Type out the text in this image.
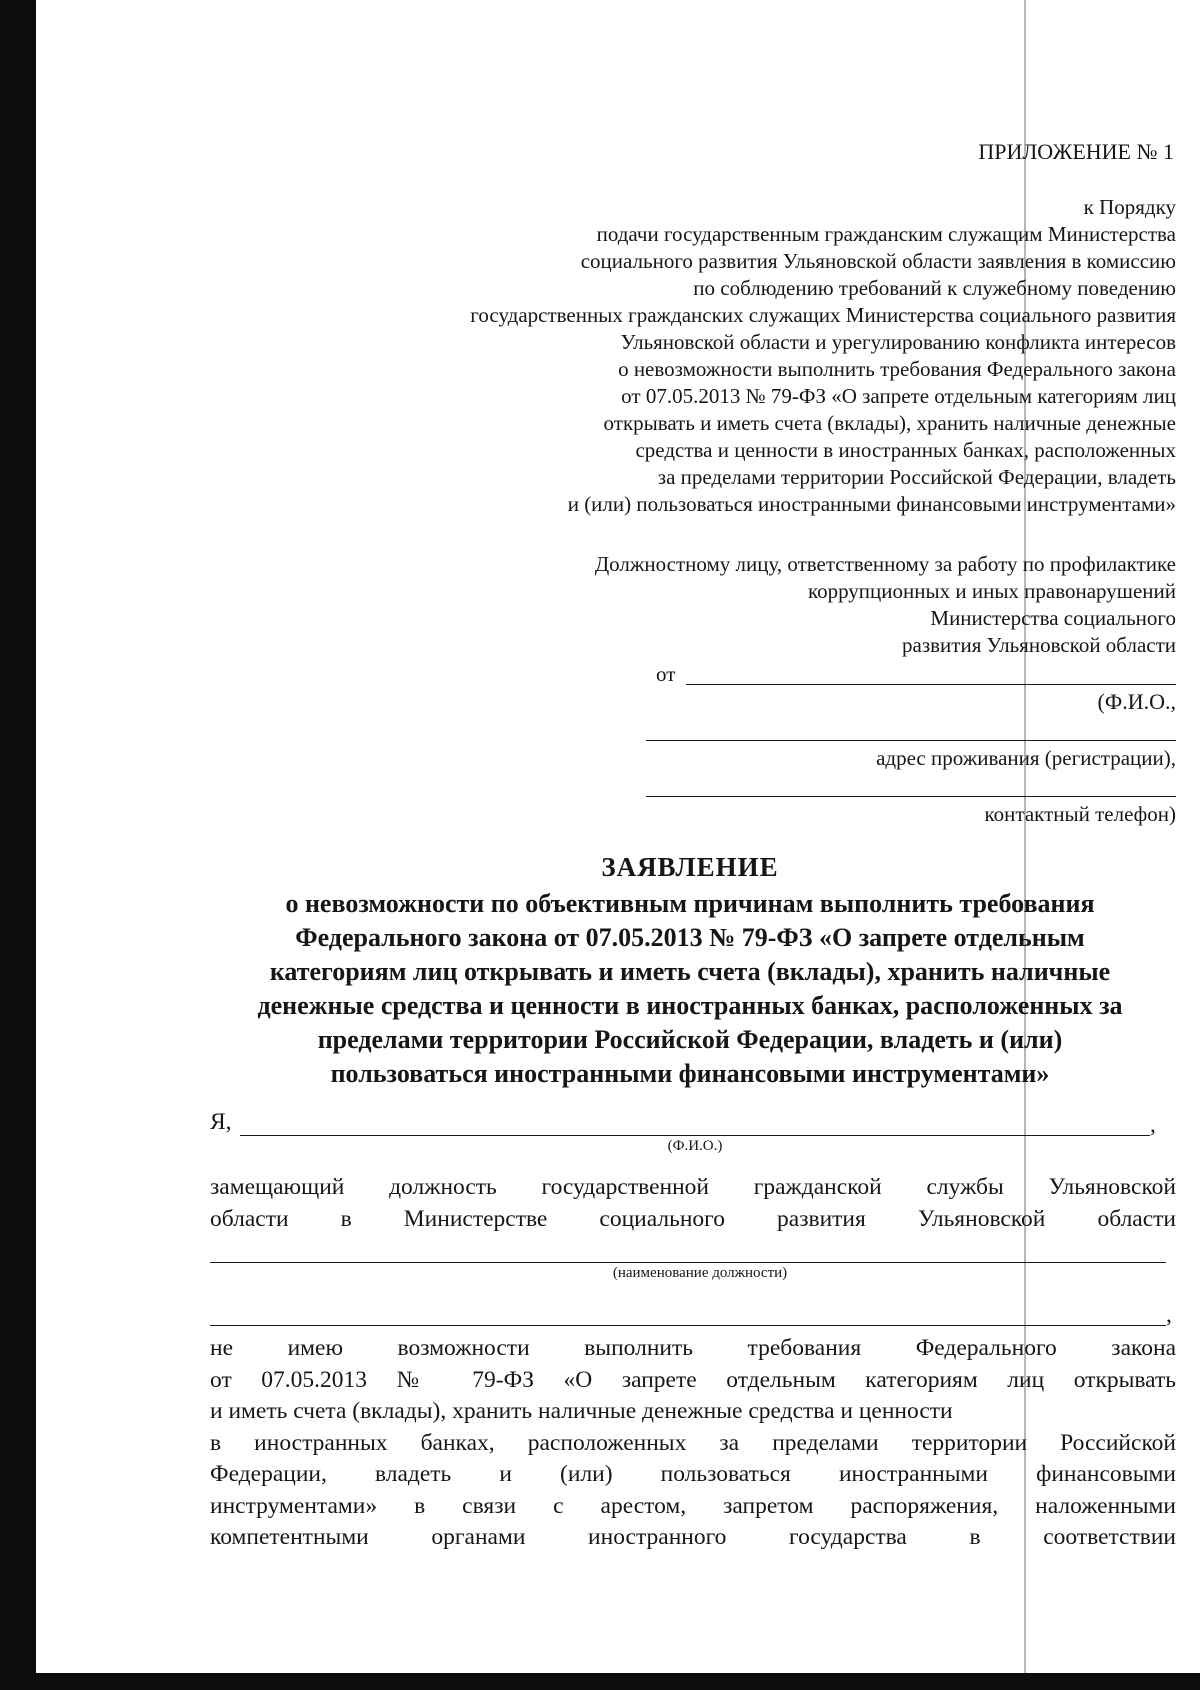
ПРИЛОЖЕНИЕ № 1
к Порядку
подачи государственным гражданским служащим Министерства
социального развития Ульяновской области заявления в комиссию
по соблюдению требований к служебному поведению
государственных гражданских служащих Министерства социального развития
Ульяновской области и урегулированию конфликта интересов
о невозможности выполнить требования Федерального закона
от 07.05.2013 № 79-ФЗ «О запрете отдельным категориям лиц
открывать и иметь счета (вклады), хранить наличные денежные
средства и ценности в иностранных банках, расположенных
за пределами территории Российской Федерации, владеть
и (или) пользоваться иностранными финансовыми инструментами»
Должностному лицу, ответственному за работу по профилактике
коррупционных и иных правонарушений
Министерства социального
развития Ульяновской области
от
(Ф.И.О.,
адрес проживания (регистрации),
контактный телефон)
ЗАЯВЛЕНИЕ
о невозможности по объективным причинам выполнить требования
Федерального закона от 07.05.2013 № 79-ФЗ «О запрете отдельным
категориям лиц открывать и иметь счета (вклады), хранить наличные
денежные средства и ценности в иностранных банках, расположенных за
пределами территории Российской Федерации, владеть и (или)
пользоваться иностранными финансовыми инструментами»
Я,	,
(Ф.И.О.)
замещающий должность государственной гражданской службы Ульяновской
области в Министерстве социального развития Ульяновской области
(наименование должности)
,
не имею возможности выполнить требования Федерального закона
от 07.05.2013 № 79-ФЗ «О запрете отдельным категориям лиц открывать
и иметь счета (вклады), хранить наличные денежные средства и ценности
в иностранных банках, расположенных за пределами территории Российской
Федерации, владеть и (или) пользоваться иностранными финансовыми
инструментами» в связи с арестом, запретом распоряжения, наложенными
компетентными органами иностранного государства в соответствии
